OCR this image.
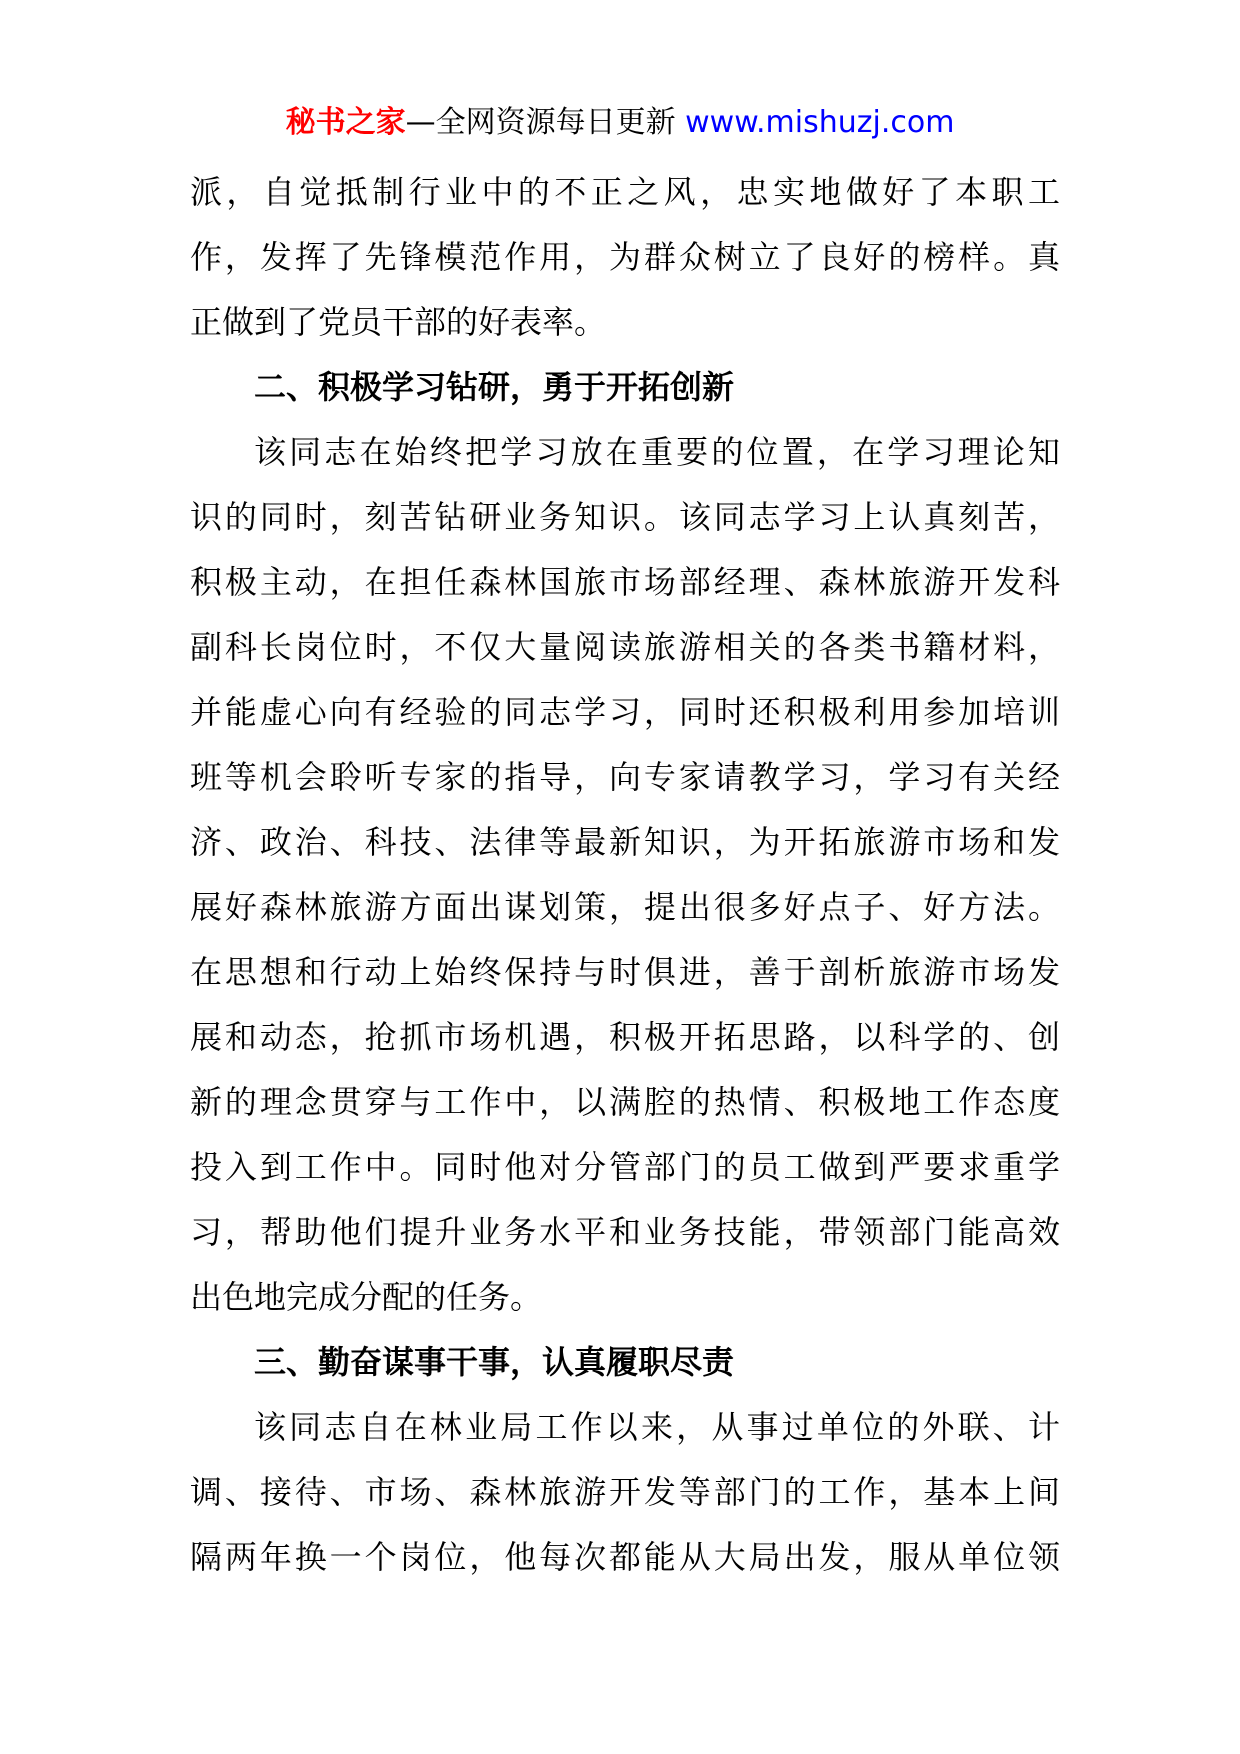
秘书之家—全网资源每日更新 www.mishuzj.com

派，自觉抵制行业中的不正之风，忠实地做好了本职工

作，发挥了先锋模范作用，为群众树立了良好的榜样。真

正做到了党员干部的好表率。

二、积极学习钻研，勇于开拓创新

该同志在始终把学习放在重要的位置，在学习理论知

识的同时，刻苦钻研业务知识。该同志学习上认真刻苦，

积极主动，在担任森林国旅市场部经理、森林旅游开发科

副科长岗位时，不仅大量阅读旅游相关的各类书籍材料，

并能虚心向有经验的同志学习，同时还积极利用参加培训

班等机会聆听专家的指导，向专家请教学习，学习有关经

济、政治、科技、法律等最新知识，为开拓旅游市场和发

展好森林旅游方面出谋划策，提出很多好点子、好方法。

在思想和行动上始终保持与时俱进，善于剖析旅游市场发

展和动态，抢抓市场机遇，积极开拓思路，以科学的、创

新的理念贯穿与工作中，以满腔的热情、积极地工作态度

投入到工作中。同时他对分管部门的员工做到严要求重学

习，帮助他们提升业务水平和业务技能，带领部门能高效

出色地完成分配的任务。

三、勤奋谋事干事，认真履职尽责

该同志自在林业局工作以来，从事过单位的外联、计

调、接待、市场、森林旅游开发等部门的工作，基本上间

隔两年换一个岗位，他每次都能从大局出发，服从单位领
